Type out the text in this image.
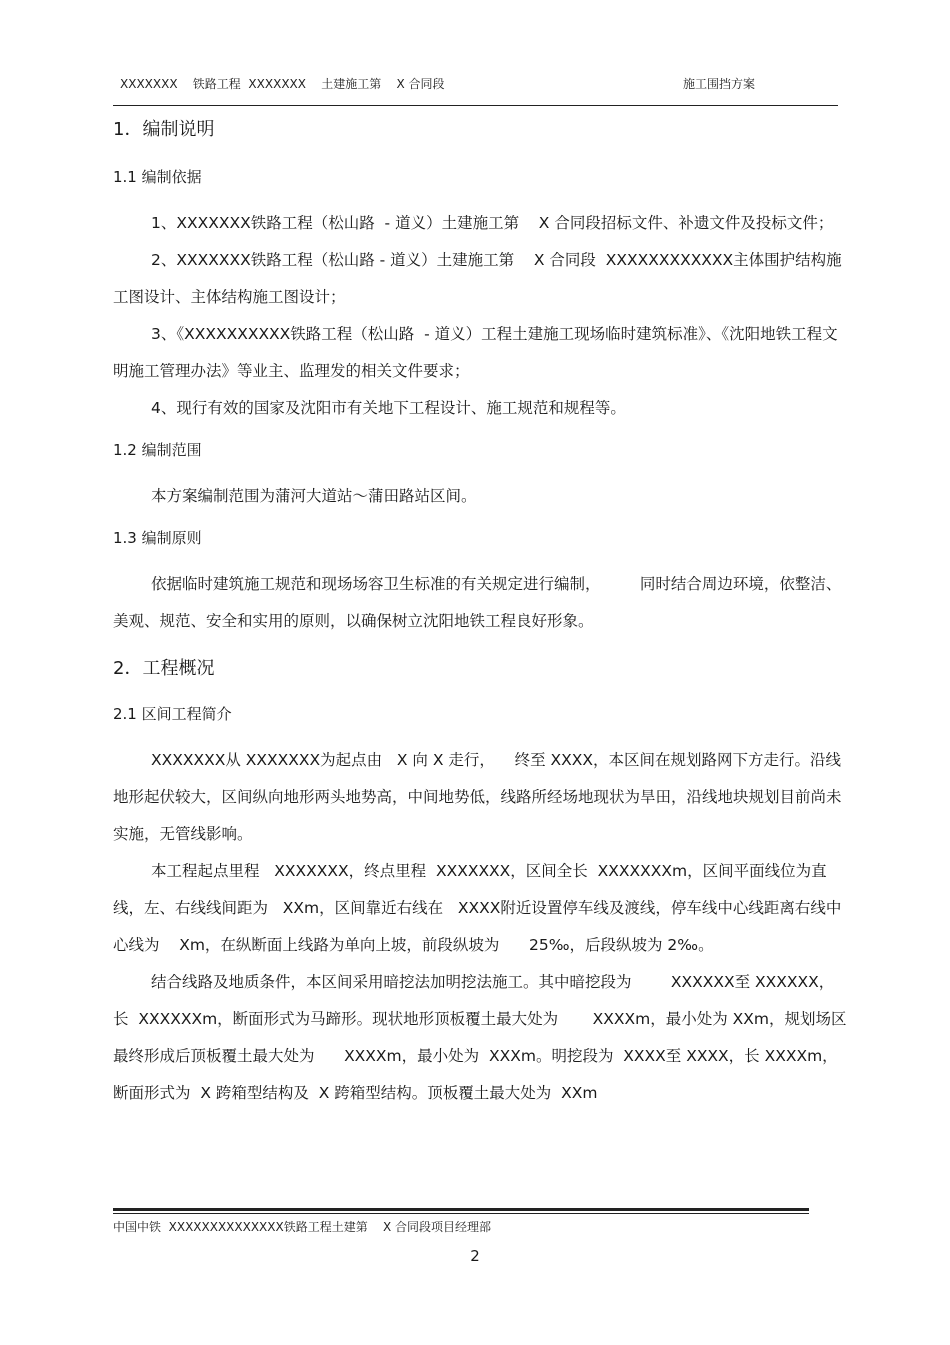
XXXXXXX    铁路工程  XXXXXXX    土建施工第    X 合同段	施工围挡方案
1．编制说明
1.1 编制依据

1、XXXXXXX铁路工程（松山路  - 道义）土建施工第    X 合同段招标文件、补遗文件及投标文件；

2、XXXXXXX铁路工程（松山路 - 道义）土建施工第    X 合同段  XXXXXXXXXXXX主体围护结构施工图设计、主体结构施工图设计；

3、《XXXXXXXXXX铁路工程（松山路  - 道义）工程土建施工现场临时建筑标准》、《沈阳地铁工程文明施工管理办法》等业主、监理发的相关文件要求；

4、现行有效的国家及沈阳市有关地下工程设计、施工规范和规程等。

1.2 编制范围

本方案编制范围为蒲河大道站～蒲田路站区间。

1.3 编制原则

依据临时建筑施工规范和现场场容卫生标准的有关规定进行编制，        同时结合周边环境，依整洁、美观、规范、安全和实用的原则，以确保树立沈阳地铁工程良好形象。

2．工程概况
2.1 区间工程简介

XXXXXXX从 XXXXXXX为起点由   X 向 X 走行，    终至 XXXX，本区间在规划路网下方走行。沿线地形起伏较大，区间纵向地形两头地势高，中间地势低，线路所经场地现状为旱田，沿线地块规划目前尚未实施，无管线影响。

本工程起点里程   XXXXXXX，终点里程  XXXXXXX，区间全长  XXXXXXXm，区间平面线位为直线，左、右线线间距为   XXm，区间靠近右线在   XXXX附近设置停车线及渡线，停车线中心线距离右线中心线为    Xm，在纵断面上线路为单向上坡，前段纵坡为      25‰，后段纵坡为 2‰。

结合线路及地质条件，本区间采用暗挖法加明挖法施工。其中暗挖段为        XXXXXX至 XXXXXX，长  XXXXXXm，断面形式为马蹄形。现状地形顶板覆土最大处为       XXXXm，最小处为 XXm，规划场区最终形成后顶板覆土最大处为      XXXXm，最小处为  XXXm。明挖段为  XXXX至 XXXX，长 XXXXm，断面形式为  X 跨箱型结构及  X 跨箱型结构。顶板覆土最大处为  XXm

中国中铁  XXXXXXXXXXXXXX铁路工程土建第    X 合同段项目经理部
2
